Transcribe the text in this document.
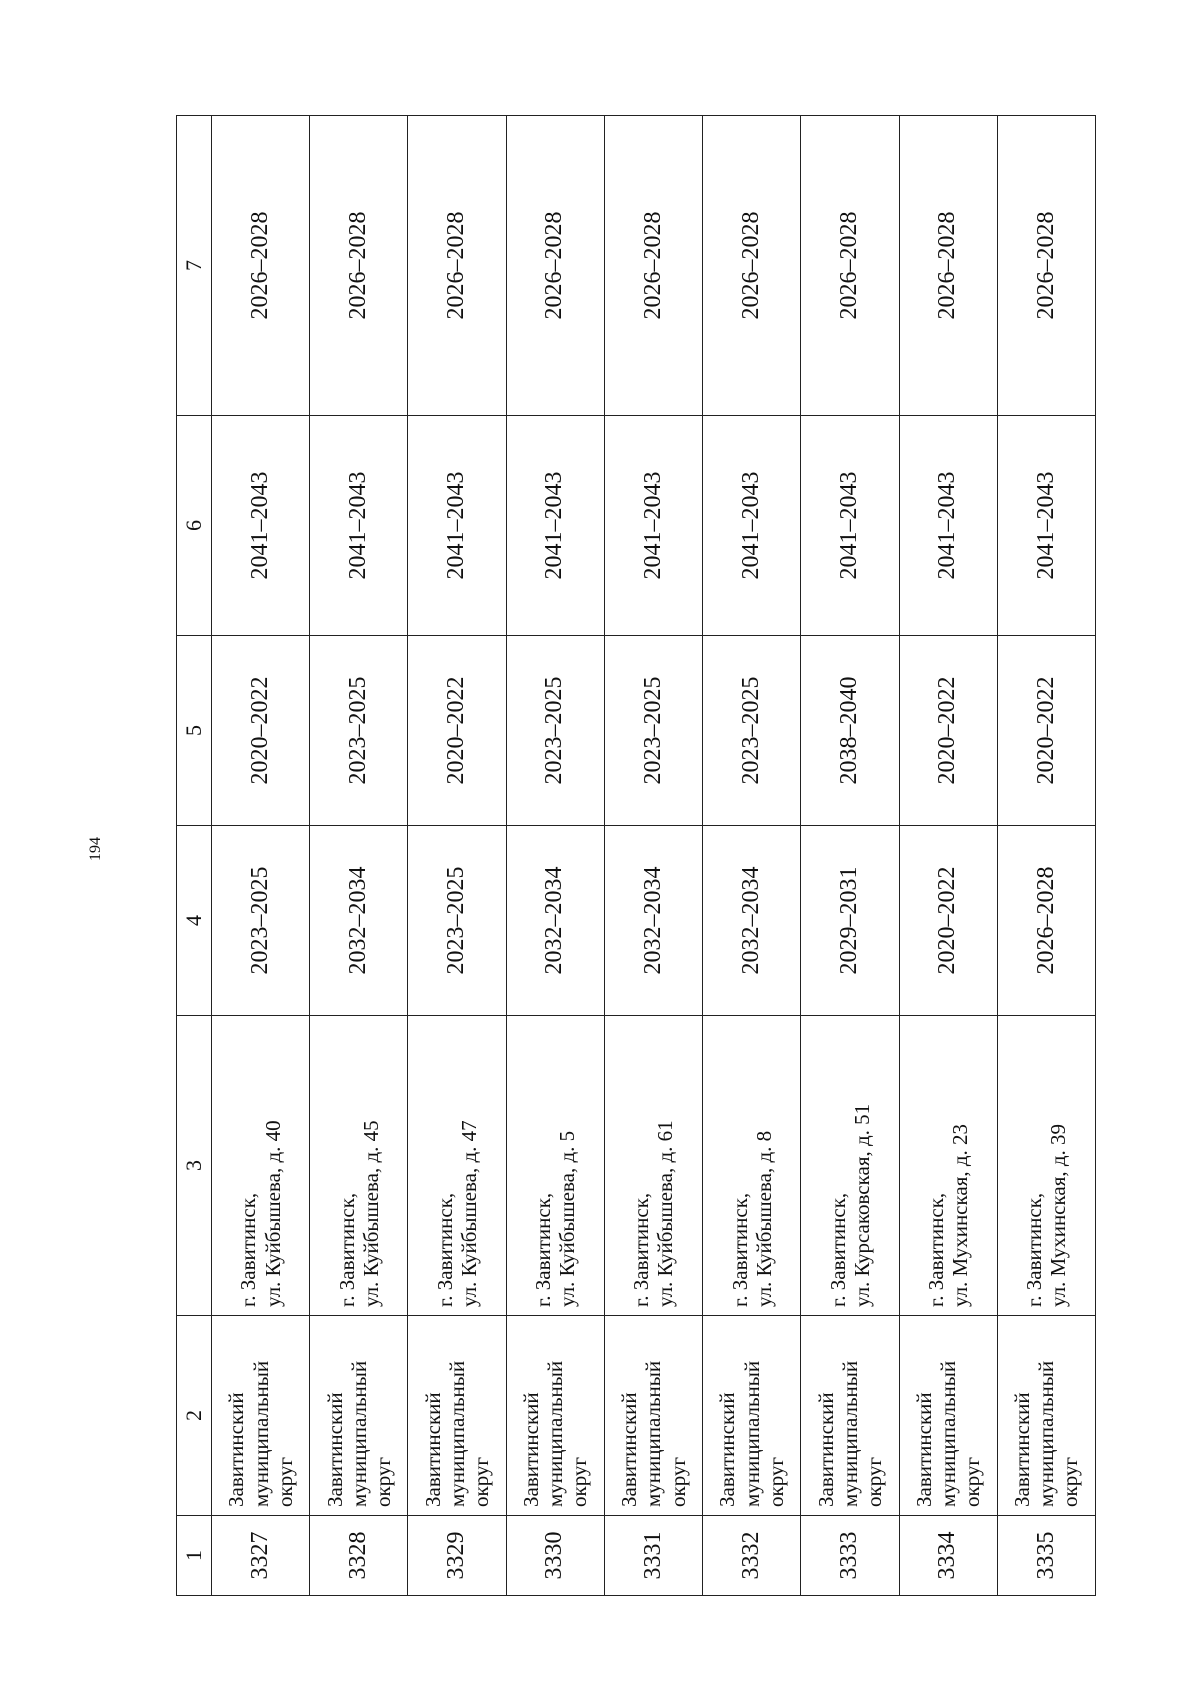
194
1	2	3	4	5	6	7
3327	Завитинский муниципальный округ	г. Завитинск, ул. Куйбышева, д. 40	2023–2025	2020–2022	2041–2043	2026–2028
3328	Завитинский муниципальный округ	г. Завитинск, ул. Куйбышева, д. 45	2032–2034	2023–2025	2041–2043	2026–2028
3329	Завитинский муниципальный округ	г. Завитинск, ул. Куйбышева, д. 47	2023–2025	2020–2022	2041–2043	2026–2028
3330	Завитинский муниципальный округ	г. Завитинск, ул. Куйбышева, д. 5	2032–2034	2023–2025	2041–2043	2026–2028
3331	Завитинский муниципальный округ	г. Завитинск, ул. Куйбышева, д. 61	2032–2034	2023–2025	2041–2043	2026–2028
3332	Завитинский муниципальный округ	г. Завитинск, ул. Куйбышева, д. 8	2032–2034	2023–2025	2041–2043	2026–2028
3333	Завитинский муниципальный округ	г. Завитинск, ул. Курсаковская, д. 51	2029–2031	2038–2040	2041–2043	2026–2028
3334	Завитинский муниципальный округ	г. Завитинск, ул. Мухинская, д. 23	2020–2022	2020–2022	2041–2043	2026–2028
3335	Завитинский муниципальный округ	г. Завитинск, ул. Мухинская, д. 39	2026–2028	2020–2022	2041–2043	2026–2028
